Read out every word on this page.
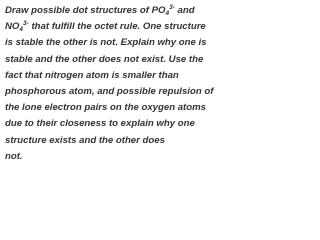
Draw possible dot structures of $PO_4^{3-}$ and
$NO_4^{3-}$ that fulfill the octet rule. One structure
is stable the other is not. Explain why one is
stable and the other does not exist. Use the
fact that nitrogen atom is smaller than
phosphorous atom, and possible repulsion of
the lone electron pairs on the oxygen atoms
due to their closeness to explain why one
structure exists and the other does
not.
